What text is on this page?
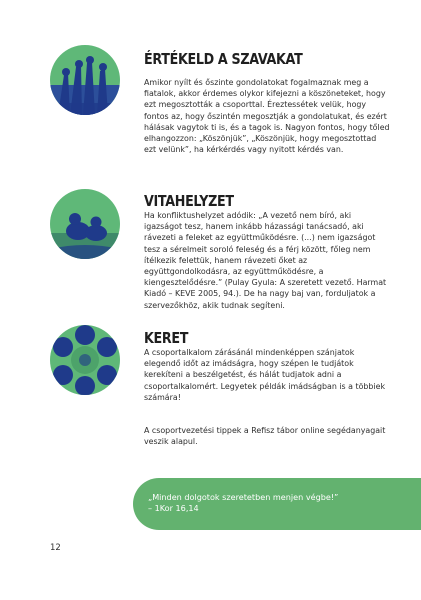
ÉRTÉKELD A SZAVAKAT

Amikor nyílt és őszinte gondolatokat fogalmaznak meg a fiatalok, akkor érdemes olykor kifejezni a köszöneteket, hogy ezt megosztották a csoporttal. Éreztessétek velük, hogy fontos az, hogy őszintén megosztják a gondolatukat, és ezért hálásak vagytok ti is, és a tagok is. Nagyon fontos, hogy tőled elhangozzon: „Köszönjük”, „Köszönjük, hogy megosztottad ezt velünk”, ha kérkérdés vagy nyitott kérdés van.

VITAHELYZET

Ha konfliktushelyzet adódik: „A vezető nem bíró, aki igazságot tesz, hanem inkább házassági tanácsadó, aki rávezeti a feleket az együttműködésre. (...) nem igazságot tesz a sérelmeit soroló feleség és a férj között, főleg nem ítélkezik felettük, hanem rávezeti őket az együttgondolkodásra, az együttműködésre, a kiengesztelődésre.” (Pulay Gyula: A szeretett vezető. Harmat Kiadó – KEVE 2005, 94.). De ha nagy baj van, forduljatok a szervezőkhöz, akik tudnak segíteni.

KERET

A csoportalkalom zárásánál mindenképpen szánjatok elegendő időt az imádságra, hogy szépen le tudjátok kerekíteni a beszélgetést, és hálát tudjatok adni a csoportalkalomért. Legyetek példák imádságban is a többiek számára!

A csoportvezetési tippek a Refisz tábor online segédanyagait veszik alapul.

„Minden dolgotok szeretetben menjen végbe!”
– 1Kor 16,14

12
